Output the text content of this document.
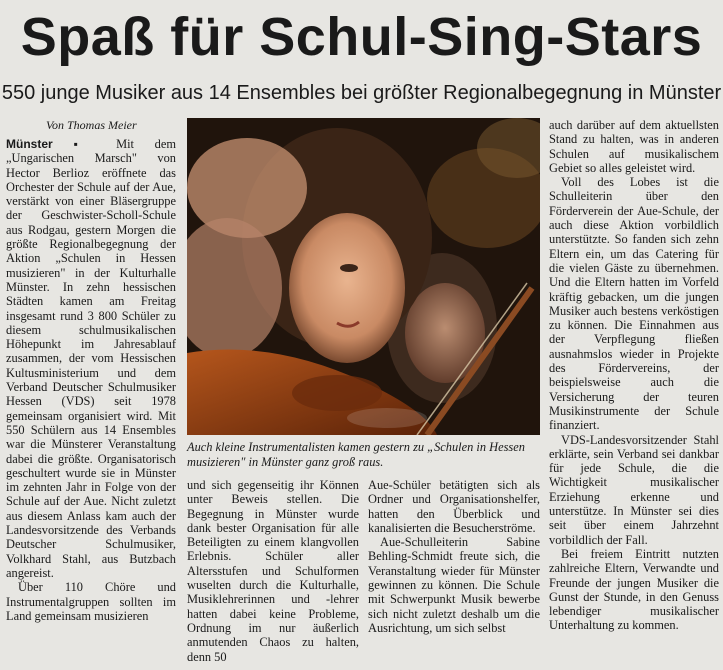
Spaß für Schul-Sing-Stars
550 junge Musiker aus 14 Ensembles bei größter Regionalbegegnung in Münster
Von Thomas Meier

Münster ▪ Mit dem „Ungarischen Marsch" von Hector Berlioz eröffnete das Orchester der Schule auf der Aue, verstärkt von einer Bläsergruppe der Geschwister-Scholl-Schule aus Rodgau, gestern Morgen die größte Regionalbegegnung der Aktion „Schulen in Hessen musizieren" in der Kulturhalle Münster. In zehn hessischen Städten kamen am Freitag insgesamt rund 3 800 Schüler zu diesem schulmusikalischen Höhepunkt im Jahresablauf zusammen, der vom Hessischen Kultusministerium und dem Verband Deutscher Schulmusiker Hessen (VDS) seit 1978 gemeinsam organisiert wird. Mit 550 Schülern aus 14 Ensembles war die Münsterer Veranstaltung dabei die größte. Organisatorisch geschultert wurde sie in Münster im zehnten Jahr in Folge von der Schule auf der Aue. Nicht zuletzt aus diesem Anlass kam auch der Landesvorsitzende des Verbands Deutscher Schulmusiker, Volkhard Stahl, aus Butzbach angereist.

Über 110 Chöre und Instrumentalgruppen sollten im Land gemeinsam musizieren

Auch kleine Instrumentalisten kamen gestern zu „Schulen in Hessen musizieren" in Münster ganz groß raus.

und sich gegenseitig ihr Können unter Beweis stellen. Die Begegnung in Münster wurde dank bester Organisation für alle Beteiligten zu einem klangvollen Erlebnis. Schüler aller Altersstufen und Schulformen wuselten durch die Kulturhalle, Musiklehrerinnen und -lehrer hatten dabei keine Probleme, Ordnung im nur äußerlich anmutenden Chaos zu halten, denn 50

Aue-Schüler betätigten sich als Ordner und Organisationshelfer, hatten den Überblick und kanalisierten die Besucherströme.

Aue-Schulleiterin Sabine Behling-Schmidt freute sich, die Veranstaltung wieder für Münster gewinnen zu können. Die Schule mit Schwerpunkt Musik bewerbe sich nicht zuletzt deshalb um die Ausrichtung, um sich selbst

auch darüber auf dem aktuellsten Stand zu halten, was in anderen Schulen auf musikalischem Gebiet so alles geleistet wird.

Voll des Lobes ist die Schulleiterin über den Förderverein der Aue-Schule, der auch diese Aktion vorbildlich unterstützte. So fanden sich zehn Eltern ein, um das Catering für die vielen Gäste zu übernehmen. Und die Eltern hatten im Vorfeld kräftig gebacken, um die jungen Musiker auch bestens verköstigen zu können. Die Einnahmen aus der Verpflegung fließen ausnahmslos wieder in Projekte des Fördervereins, der beispielsweise auch die Versicherung der teuren Musikinstrumente der Schule finanziert.

VDS-Landesvorsitzender Stahl erklärte, sein Verband sei dankbar für jede Schule, die die Wichtigkeit musikalischer Erziehung erkenne und unterstütze. In Münster sei dies seit über einem Jahrzehnt vorbildlich der Fall.

Bei freiem Eintritt nutzten zahlreiche Eltern, Verwandte und Freunde der jungen Musiker die Gunst der Stunde, in den Genuss lebendiger musikalischer Unterhaltung zu kommen.
